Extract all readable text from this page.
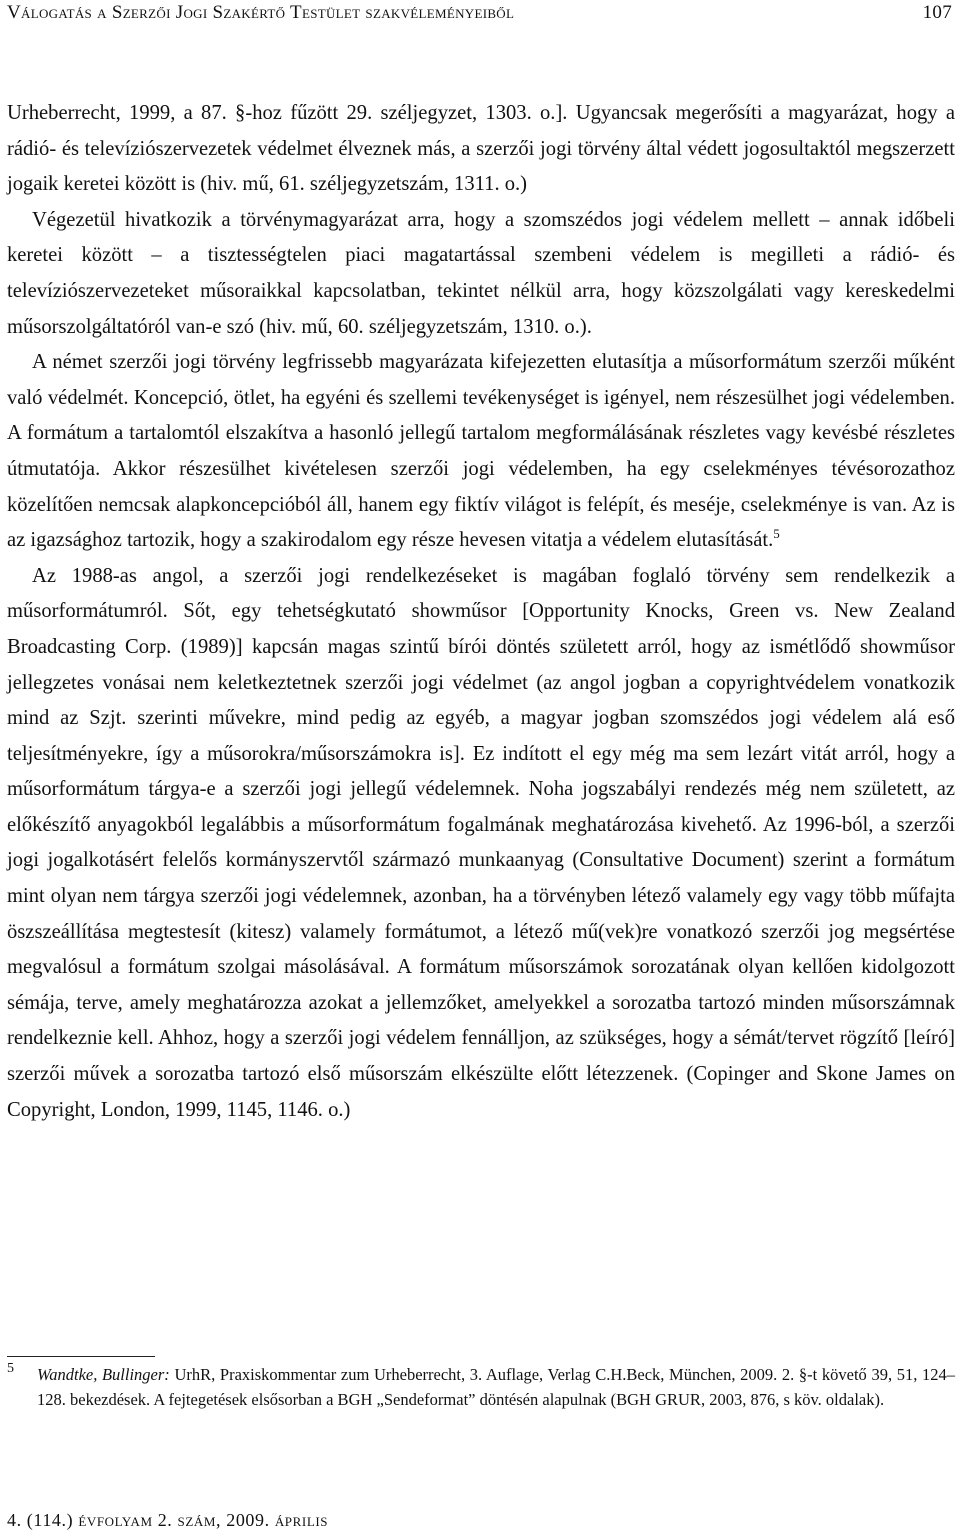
Válogatás a Szerzői Jogi Szakértő Testület szakvéleményeiből	107

Urheberrecht, 1999, a 87. §-hoz fűzött 29. széljegyzet, 1303. o.]. Ugyancsak megerősíti a magyarázat, hogy a rádió- és televíziószervezetek védelmet élveznek más, a szerzői jogi törvény által védett jogosultaktól megszerzett jogaik keretei között is (hiv. mű, 61. széljegyzetszám, 1311. o.)

Végezetül hivatkozik a törvénymagyarázat arra, hogy a szomszédos jogi védelem mellett – annak időbeli keretei között – a tisztességtelen piaci magatartással szembeni védelem is megilleti a rádió- és televíziószervezeteket műsoraikkal kapcsolatban, tekintet nélkül arra, hogy közszolgálati vagy kereskedelmi műsorszolgáltatóról van-e szó (hiv. mű, 60. széljegyzetszám, 1310. o.).

A német szerzői jogi törvény legfrissebb magyarázata kifejezetten elutasítja a műsorformátum szerzői műként való védelmét. Koncepció, ötlet, ha egyéni és szellemi tevékenységet is igényel, nem részesülhet jogi védelemben. A formátum a tartalomtól elszakítva a hasonló jellegű tartalom megformálásának részletes vagy kevésbé részletes útmutatója. Akkor részesülhet kivételesen szerzői jogi védelemben, ha egy cselekményes tévésorozathoz közelítően nemcsak alapkoncepcióból áll, hanem egy fiktív világot is felépít, és meséje, cselekménye is van. Az is az igazsághoz tartozik, hogy a szakirodalom egy része hevesen vitatja a védelem elutasítását.$^5$

Az 1988-as angol, a szerzői jogi rendelkezéseket is magában foglaló törvény sem rendelkezik a műsorformátumról. Sőt, egy tehetségkutató showműsor [Opportunity Knocks, Green vs. New Zealand Broadcasting Corp. (1989)] kapcsán magas szintű bírói döntés született arról, hogy az ismétlődő showműsor jellegzetes vonásai nem keletkeztetnek szerzői jogi védelmet (az angol jogban a copyrightvédelem vonatkozik mind az Szjt. szerinti művekre, mind pedig az egyéb, a magyar jogban szomszédos jogi védelem alá eső teljesítményekre, így a műsorokra/műsorszámokra is]. Ez indított el egy még ma sem lezárt vitát arról, hogy a műsorformátum tárgya-e a szerzői jogi jellegű védelemnek. Noha jogszabályi rendezés még nem született, az előkészítő anyagokból legalábbis a műsorformátum fogalmának meghatározása kivehető. Az 1996-ból, a szerzői jogi jogalkotásért felelős kormányszervtől származó munkaanyag (Consultative Document) szerint a formátum mint olyan nem tárgya szerzői jogi védelemnek, azonban, ha a törvényben létező valamely egy vagy több műfajta öszszeállítása megtestesít (kitesz) valamely formátumot, a létező mű(vek)re vonatkozó szerzői jog megsértése megvalósul a formátum szolgai másolásával. A formátum műsorszámok sorozatának olyan kellően kidolgozott sémája, terve, amely meghatározza azokat a jellemzőket, amelyekkel a sorozatba tartozó minden műsorszámnak rendelkeznie kell. Ahhoz, hogy a szerzői jogi védelem fennálljon, az szükséges, hogy a sémát/tervet rögzítő [leíró] szerzői művek a sorozatba tartozó első műsorszám elkészülte előtt létezzenek. (Copinger and Skone James on Copyright, London, 1999, 1145, 1146. o.)

5 Wandtke, Bullinger: UrhR, Praxiskommentar zum Urheberrecht, 3. Auflage, Verlag C.H.Beck, München, 2009. 2. §-t követő 39, 51, 124–128. bekezdések. A fejtegetések elsősorban a BGH „Sendeformat” döntésén alapulnak (BGH GRUR, 2003, 876, s köv. oldalak).
4. (114.) évfolyam 2. szám, 2009. április
